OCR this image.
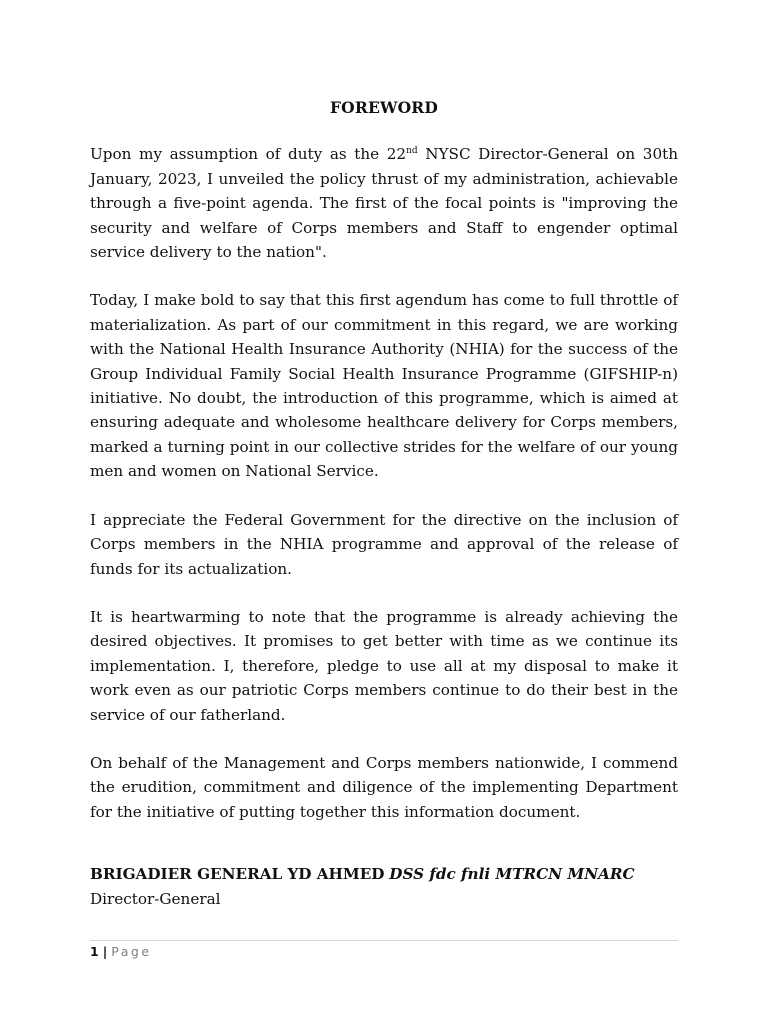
FOREWORD

Upon my assumption of duty as the 22nd NYSC Director-General on 30th January, 2023, I unveiled the policy thrust of my administration, achievable through a five-point agenda. The first of the focal points is "improving the security and welfare of Corps members and Staff to engender optimal service delivery to the nation".

Today, I make bold to say that this first agendum has come to full throttle of materialization. As part of our commitment in this regard, we are working with the National Health Insurance Authority (NHIA) for the success of the Group Individual Family Social Health Insurance Programme (GIFSHIP-n) initiative. No doubt, the introduction of this programme, which is aimed at ensuring adequate and wholesome healthcare delivery for Corps members, marked a turning point in our collective strides for the welfare of our young men and women on National Service.

I appreciate the Federal Government for the directive on the inclusion of Corps members in the NHIA programme and approval of the release of funds for its actualization.

It is heartwarming to note that the programme is already achieving the desired objectives. It promises to get better with time as we continue its implementation. I, therefore, pledge to use all at my disposal to make it work even as our patriotic Corps members continue to do their best in the service of our fatherland.

On behalf of the Management and Corps members nationwide, I commend the erudition, commitment and diligence of the implementing Department for the initiative of putting together this information document.

BRIGADIER GENERAL YD AHMED DSS fdc fnli MTRCN MNARC
Director-General
1 | Page
